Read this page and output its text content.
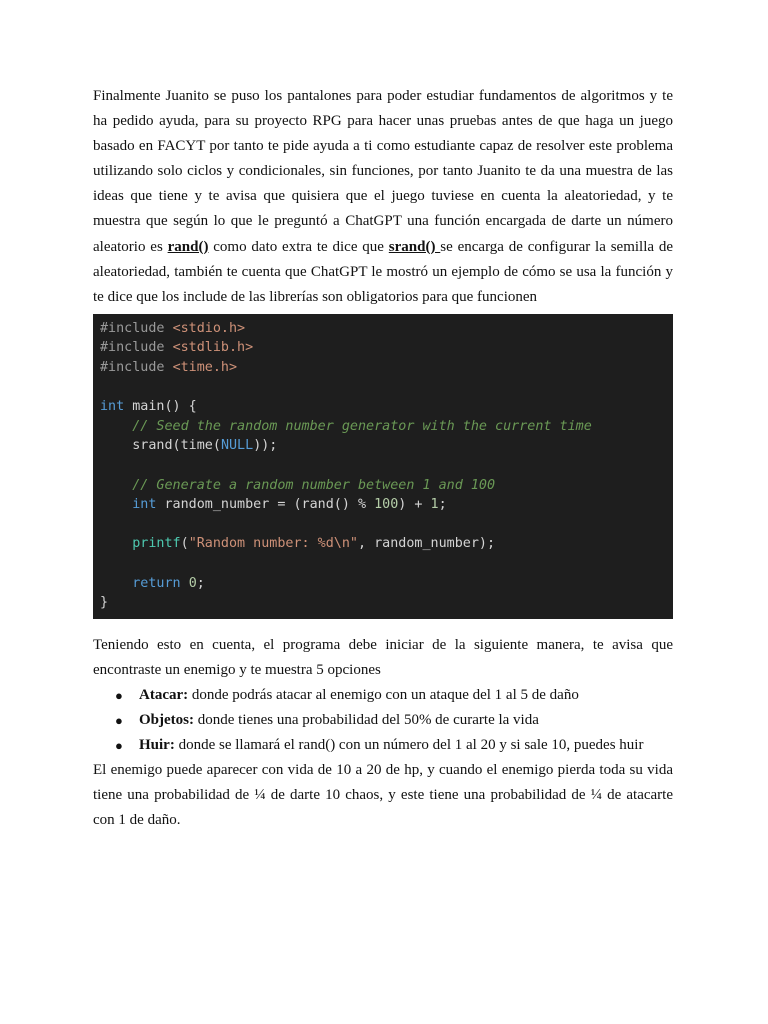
Finalmente Juanito se puso los pantalones para poder estudiar fundamentos de algoritmos y te ha pedido ayuda, para su proyecto RPG para hacer unas pruebas antes de que haga un juego basado en FACYT por tanto te pide ayuda a ti como estudiante capaz de resolver este problema utilizando solo ciclos y condicionales, sin funciones, por tanto Juanito te da una muestra de las ideas que tiene y te avisa que quisiera que el juego tuviese en cuenta la aleatoriedad, y te muestra que según lo que le preguntó a ChatGPT una función encargada de darte un número aleatorio es rand() como dato extra te dice que srand() se encarga de configurar la semilla de aleatoriedad, también te cuenta que ChatGPT le mostró un ejemplo de cómo se usa la función y te dice que los include de las librerías son obligatorios para que funcionen

#include <stdio.h>
#include <stdlib.h>
#include <time.h>
int main() {
// Seed the random number generator with the current time
srand(time(NULL));
// Generate a random number between 1 and 100
int random_number = (rand() % 100) + 1;
printf("Random number: %d\n", random_number);
return 0;
}

Teniendo esto en cuenta, el programa debe iniciar de la siguiente manera, te avisa que encontraste un enemigo y te muestra 5 opciones

● Atacar: donde podrás atacar al enemigo con un ataque del 1 al 5 de daño
● Objetos: donde tienes una probabilidad del 50% de curarte la vida
● Huir: donde se llamará el rand() con un número del 1 al 20 y si sale 10, puedes huir

El enemigo puede aparecer con vida de 10 a 20 de hp, y cuando el enemigo pierda toda su vida tiene una probabilidad de ¼ de darte 10 chaos, y este tiene una probabilidad de ¼ de atacarte con 1 de daño.
